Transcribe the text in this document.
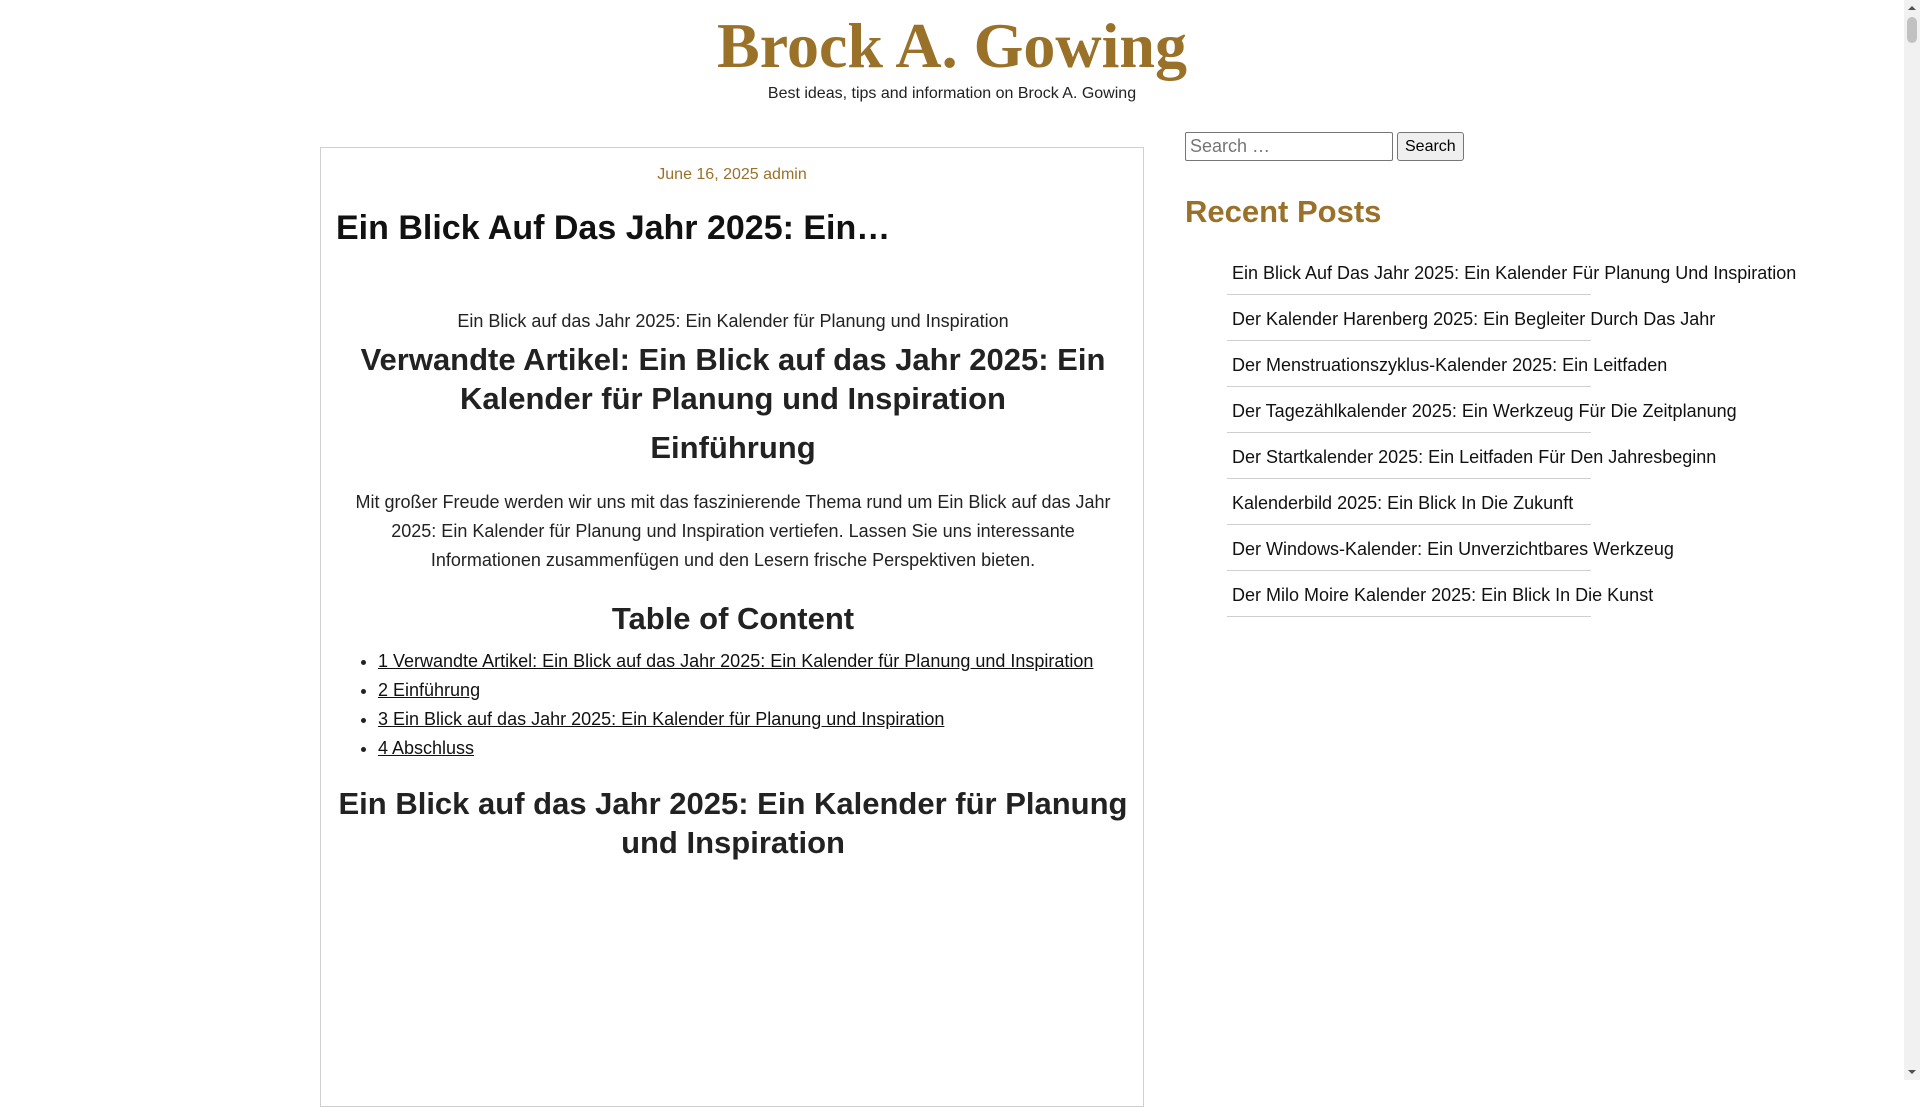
Brock A. Gowing

Best ideas, tips and information on Brock A. Gowing

June 16, 2025 admin
Ein Blick Auf Das Jahr 2025: Ein…

Ein Blick auf das Jahr 2025: Ein Kalender für Planung und Inspiration

Verwandte Artikel: Ein Blick auf das Jahr 2025: Ein Kalender für Planung und Inspiration
Einführung

Mit großer Freude werden wir uns mit das faszinierende Thema rund um Ein Blick auf das Jahr 2025: Ein Kalender für Planung und Inspiration vertiefen. Lassen Sie uns interessante Informationen zusammenfügen und den Lesern frische Perspektiven bieten.

Table of Content
• 1 Verwandte Artikel: Ein Blick auf das Jahr 2025: Ein Kalender für Planung und Inspiration
• 2 Einführung
• 3 Ein Blick auf das Jahr 2025: Ein Kalender für Planung und Inspiration
• 4 Abschluss
Ein Blick auf das Jahr 2025: Ein Kalender für Planung und Inspiration
Search …
Search
Recent Posts
Ein Blick Auf Das Jahr 2025: Ein Kalender Für Planung Und Inspiration
Der Kalender Harenberg 2025: Ein Begleiter Durch Das Jahr
Der Menstruationszyklus-Kalender 2025: Ein Leitfaden
Der Tagezählkalender 2025: Ein Werkzeug Für Die Zeitplanung
Der Startkalender 2025: Ein Leitfaden Für Den Jahresbeginn
Kalenderbild 2025: Ein Blick In Die Zukunft
Der Windows-Kalender: Ein Unverzichtbares Werkzeug
Der Milo Moire Kalender 2025: Ein Blick In Die Kunst
